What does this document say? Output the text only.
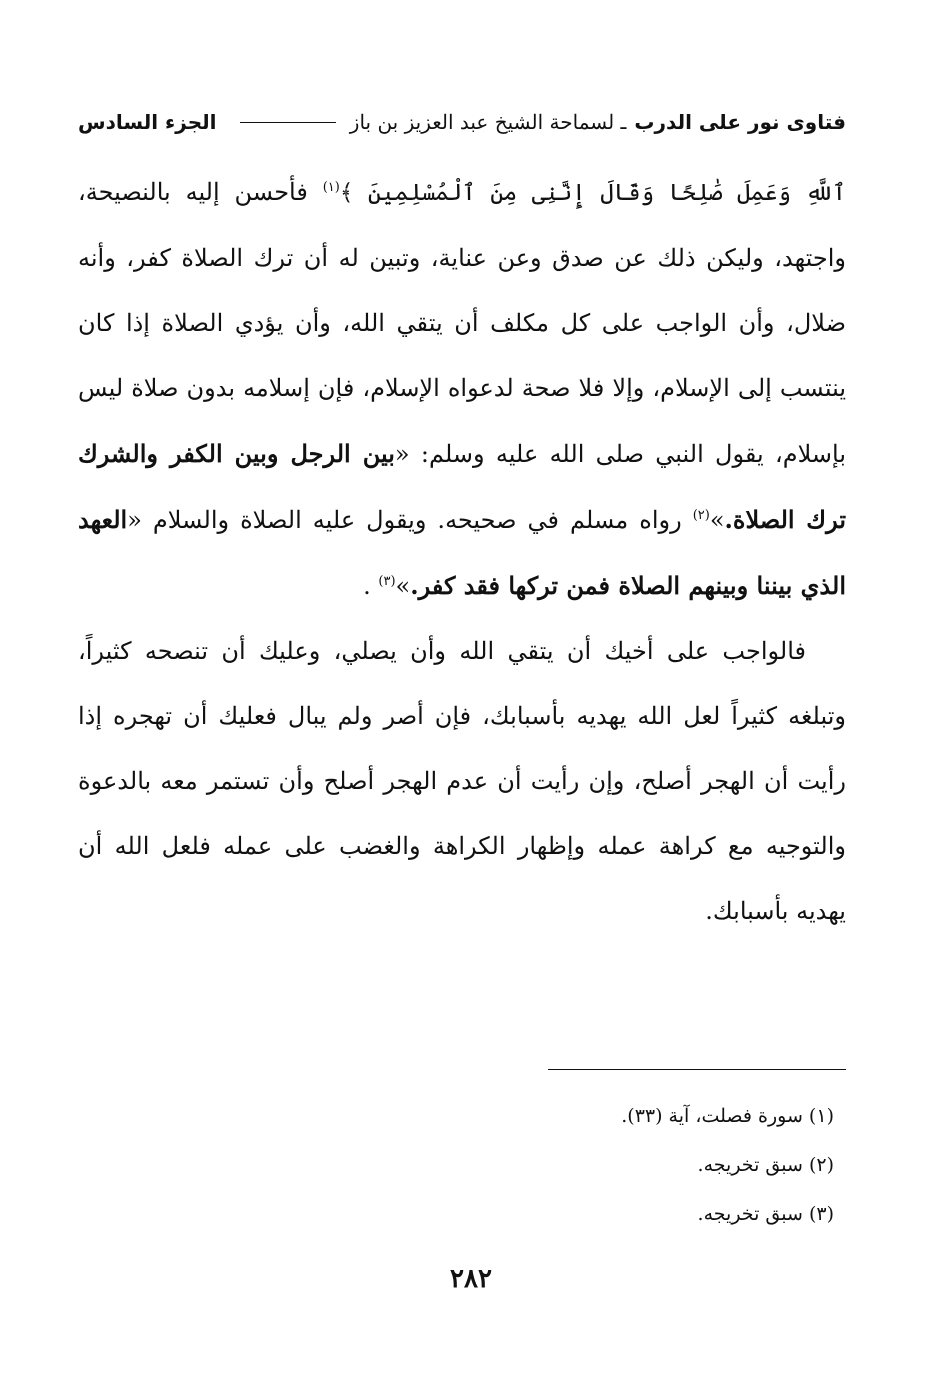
فتاوى نور على الدرب
ـ لسماحة الشيخ عبد العزيز بن باز
الجزء السادس

ٱللَّهِ وَعَمِلَ صَٰلِحًا وَقَالَ إِنَّنِى مِنَ ٱلْمُسْلِمِينَ ﴾$^{(١)}$ فأحسن إليه بالنصيحة، واجتهد، وليكن ذلك عن صدق وعن عناية، وتبين له أن ترك الصلاة كفر، وأنه ضلال، وأن الواجب على كل مكلف أن يتقي الله، وأن يؤدي الصلاة إذا كان ينتسب إلى الإسلام، وإلا فلا صحة لدعواه الإسلام، فإن إسلامه بدون صلاة ليس بإسلام، يقول النبي صلى الله عليه وسلم: «بين الرجل وبين الكفر والشرك ترك الصلاة.»$^{(٢)}$ رواه مسلم في صحيحه. ويقول عليه الصلاة والسلام «العهد الذي بيننا وبينهم الصلاة فمن تركها فقد كفر.»$^{(٣)}$ .

فالواجب على أخيك أن يتقي الله وأن يصلي، وعليك أن تنصحه كثيراً، وتبلغه كثيراً لعل الله يهديه بأسبابك، فإن أصر ولم يبال فعليك أن تهجره إذا رأيت أن الهجر أصلح، وإن رأيت أن عدم الهجر أصلح وأن تستمر معه بالدعوة والتوجيه مع كراهة عمله وإظهار الكراهة والغضب على عمله فلعل الله أن يهديه بأسبابك.

(١) سورة فصلت، آية (٣٣).
(٢) سبق تخريجه.
(٣) سبق تخريجه.
٢٨٢
